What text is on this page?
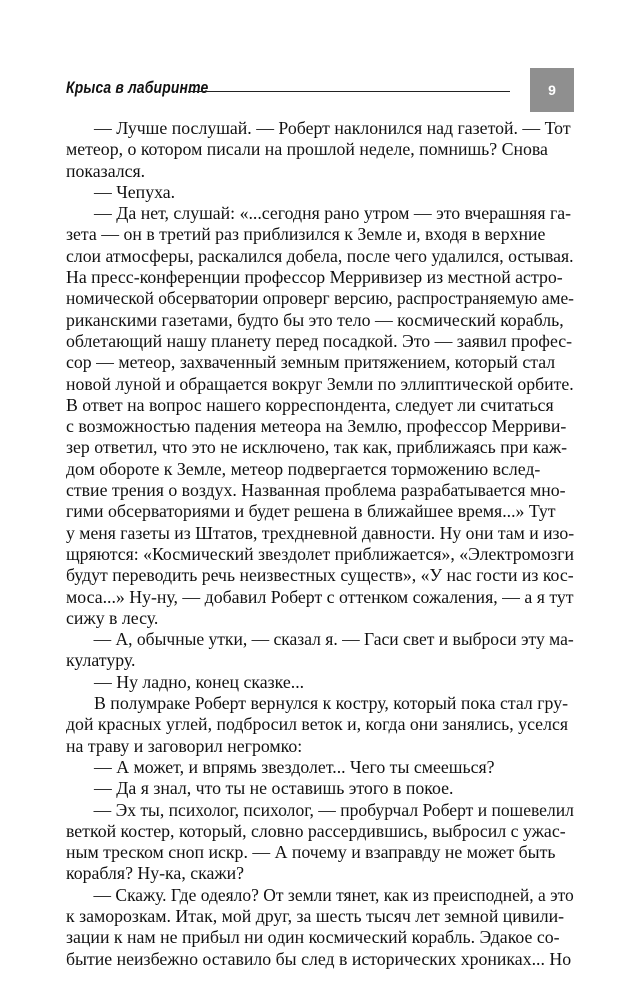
Крыса в лабиринте	9

— Лучше послушай. — Роберт наклонился над газетой. — Тот
метеор, о котором писали на прошлой неделе, помнишь? Снова
показался.

— Чепуха.

— Да нет, слушай: «...сегодня рано утром — это вчерашняя га-
зета — он в третий раз приблизился к Земле и, входя в верхние
слои атмосферы, раскалился добела, после чего удалился, остывая.
На пресс-конференции профессор Мерривизер из местной астро-
номической обсерватории опроверг версию, распространяемую аме-
риканскими газетами, будто бы это тело — космический корабль,
облетающий нашу планету перед посадкой. Это — заявил профес-
сор — метеор, захваченный земным притяжением, который стал
новой луной и обращается вокруг Земли по эллиптической орбите.
В ответ на вопрос нашего корреспондента, следует ли считаться
с возможностью падения метеора на Землю, профессор Мерриви-
зер ответил, что это не исключено, так как, приближаясь при каж-
дом обороте к Земле, метеор подвергается торможению вслед-
ствие трения о воздух. Названная проблема разрабатывается мно-
гими обсерваториями и будет решена в ближайшее время...» Тут
у меня газеты из Штатов, трехдневной давности. Ну они там и изо-
щряются: «Космический звездолет приближается», «Электромозги
будут переводить речь неизвестных существ», «У нас гости из кос-
моса...» Ну-ну, — добавил Роберт с оттенком сожаления, — а я тут
сижу в лесу.

— А, обычные утки, — сказал я. — Гаси свет и выброси эту ма-
кулатуру.

— Ну ладно, конец сказке...

В полумраке Роберт вернулся к костру, который пока стал гру-
дой красных углей, подбросил веток и, когда они занялись, уселся
на траву и заговорил негромко:

— А может, и впрямь звездолет... Чего ты смеешься?

— Да я знал, что ты не оставишь этого в покое.

— Эх ты, психолог, психолог, — пробурчал Роберт и пошевелил
веткой костер, который, словно рассердившись, выбросил с ужас-
ным треском сноп искр. — А почему и взаправду не может быть
корабля? Ну-ка, скажи?

— Скажу. Где одеяло? От земли тянет, как из преисподней, а это
к заморозкам. Итак, мой друг, за шесть тысяч лет земной цивили-
зации к нам не прибыл ни один космический корабль. Эдакое со-
бытие неизбежно оставило бы след в исторических хрониках... Но
